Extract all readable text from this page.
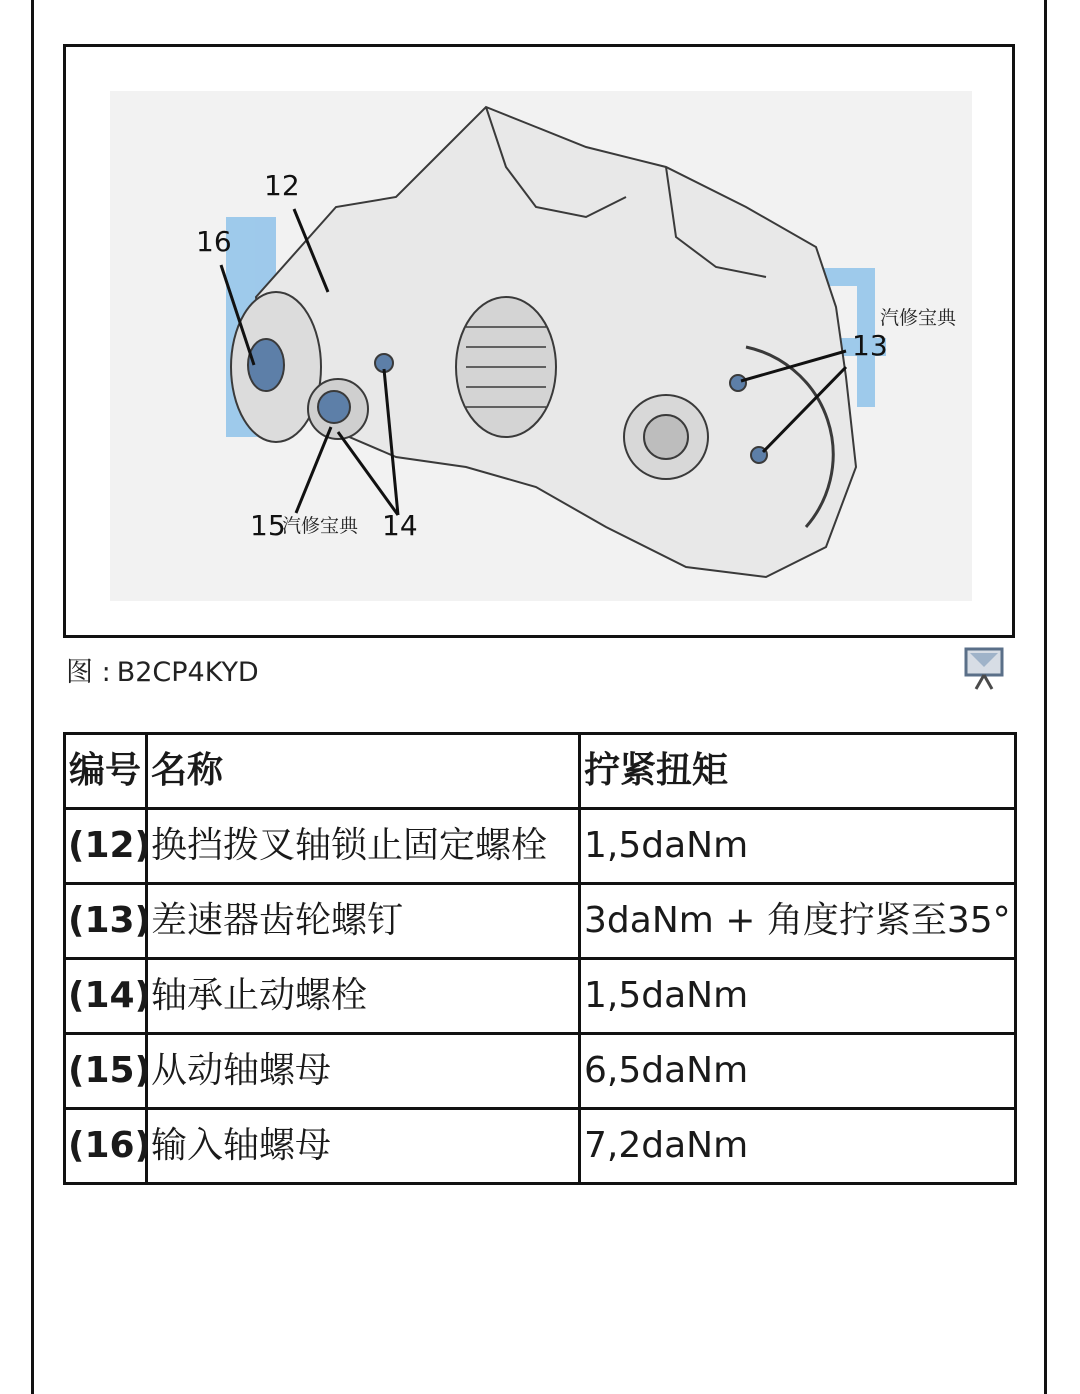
12
16
13
15	14
汽修宝典
汽修宝典
图 : B2CP4KYD
编号	名称	拧紧扭矩
(12)	换挡拨叉轴锁止固定螺栓	1,5daNm
(13)	差速器齿轮螺钉	3daNm + 角度拧紧至35°
(14)	轴承止动螺栓	1,5daNm
(15)	从动轴螺母	6,5daNm
(16)	输入轴螺母	7,2daNm
